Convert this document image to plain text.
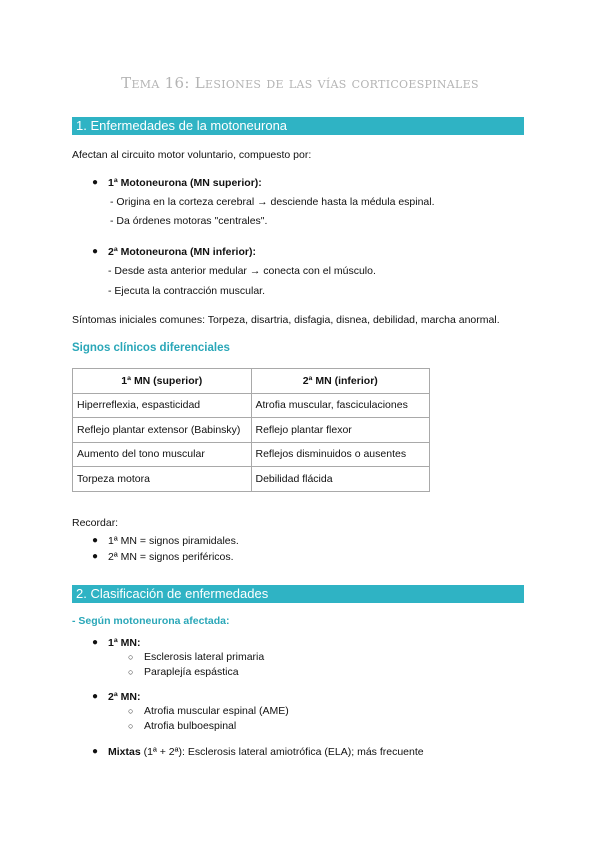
Tema 16: Lesiones de las vías corticoespinales
1. Enfermedades de la motoneurona
Afectan al circuito motor voluntario, compuesto por:
● 1ª Motoneurona (MN superior):
- Origina en la corteza cerebral → desciende hasta la médula espinal.
- Da órdenes motoras "centrales".
● 2ª Motoneurona (MN inferior):
- Desde asta anterior medular → conecta con el músculo.
- Ejecuta la contracción muscular.
Síntomas iniciales comunes: Torpeza, disartria, disfagia, disnea, debilidad, marcha anormal.
Signos clínicos diferenciales
1ª MN (superior)	2ª MN (inferior)
Hiperreflexia, espasticidad	Atrofia muscular, fasciculaciones
Reflejo plantar extensor (Babinsky)	Reflejo plantar flexor
Aumento del tono muscular	Reflejos disminuidos o ausentes
Torpeza motora	Debilidad flácida
Recordar:
● 1ª MN = signos piramidales.
● 2ª MN = signos periféricos.
2. Clasificación de enfermedades
- Según motoneurona afectada:
● 1ª MN:
○ Esclerosis lateral primaria
○ Paraplejía espástica
● 2ª MN:
○ Atrofia muscular espinal (AME)
○ Atrofia bulboespinal
● Mixtas (1ª + 2ª): Esclerosis lateral amiotrófica (ELA); más frecuente
